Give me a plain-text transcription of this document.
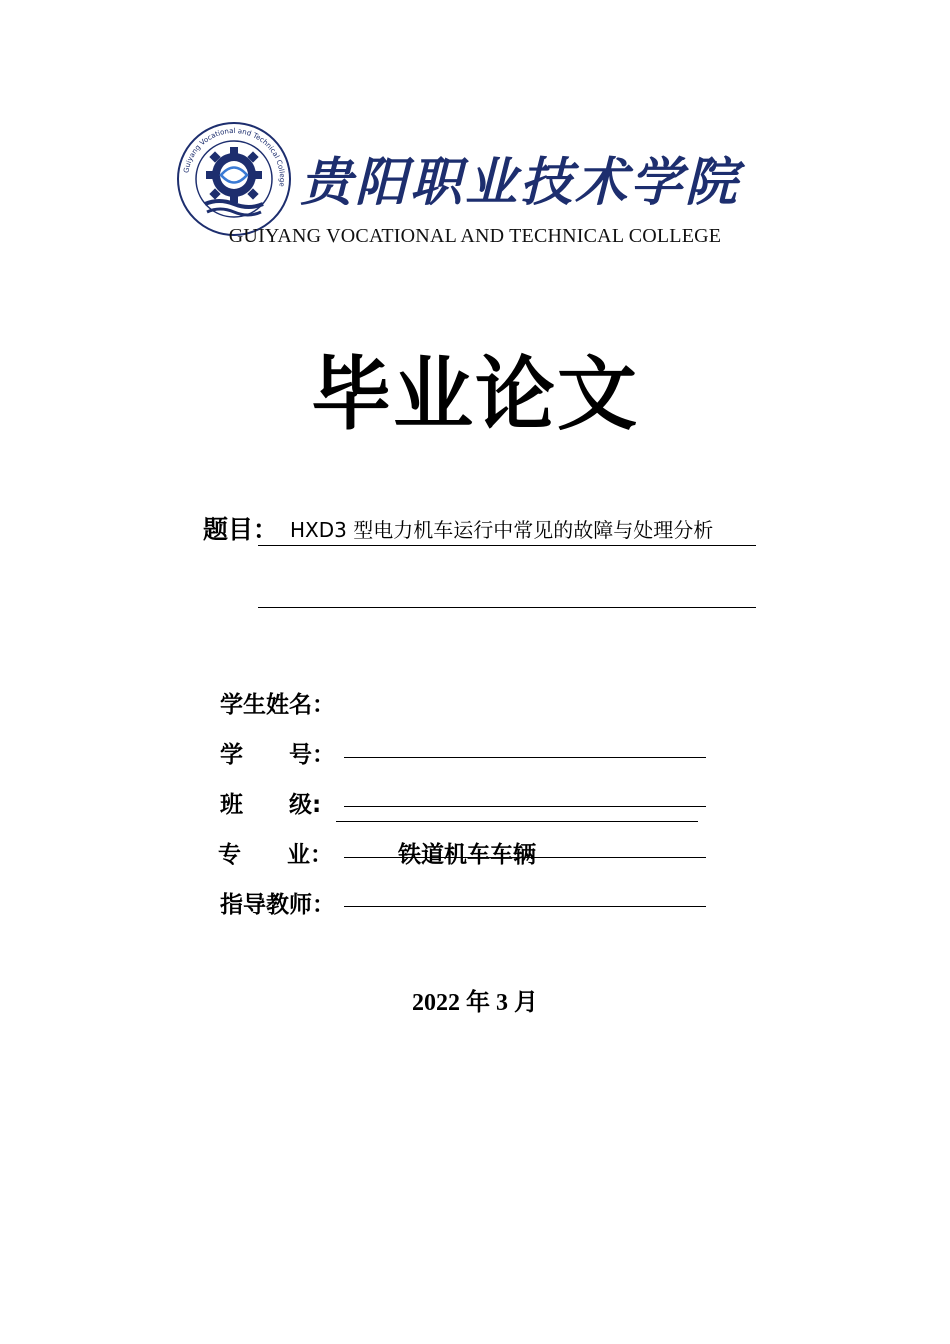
Guiyang Vocational and Technical College 贵阳职业技术学院
GUIYANG VOCATIONAL AND TECHNICAL COLLEGE
毕业论文
题目： HXD3 型电力机车运行中常见的故障与处理分析
学生姓名：
学　　号：
班　　级:
专　　业：	铁道机车车辆
指导教师：
2022 年 3 月
